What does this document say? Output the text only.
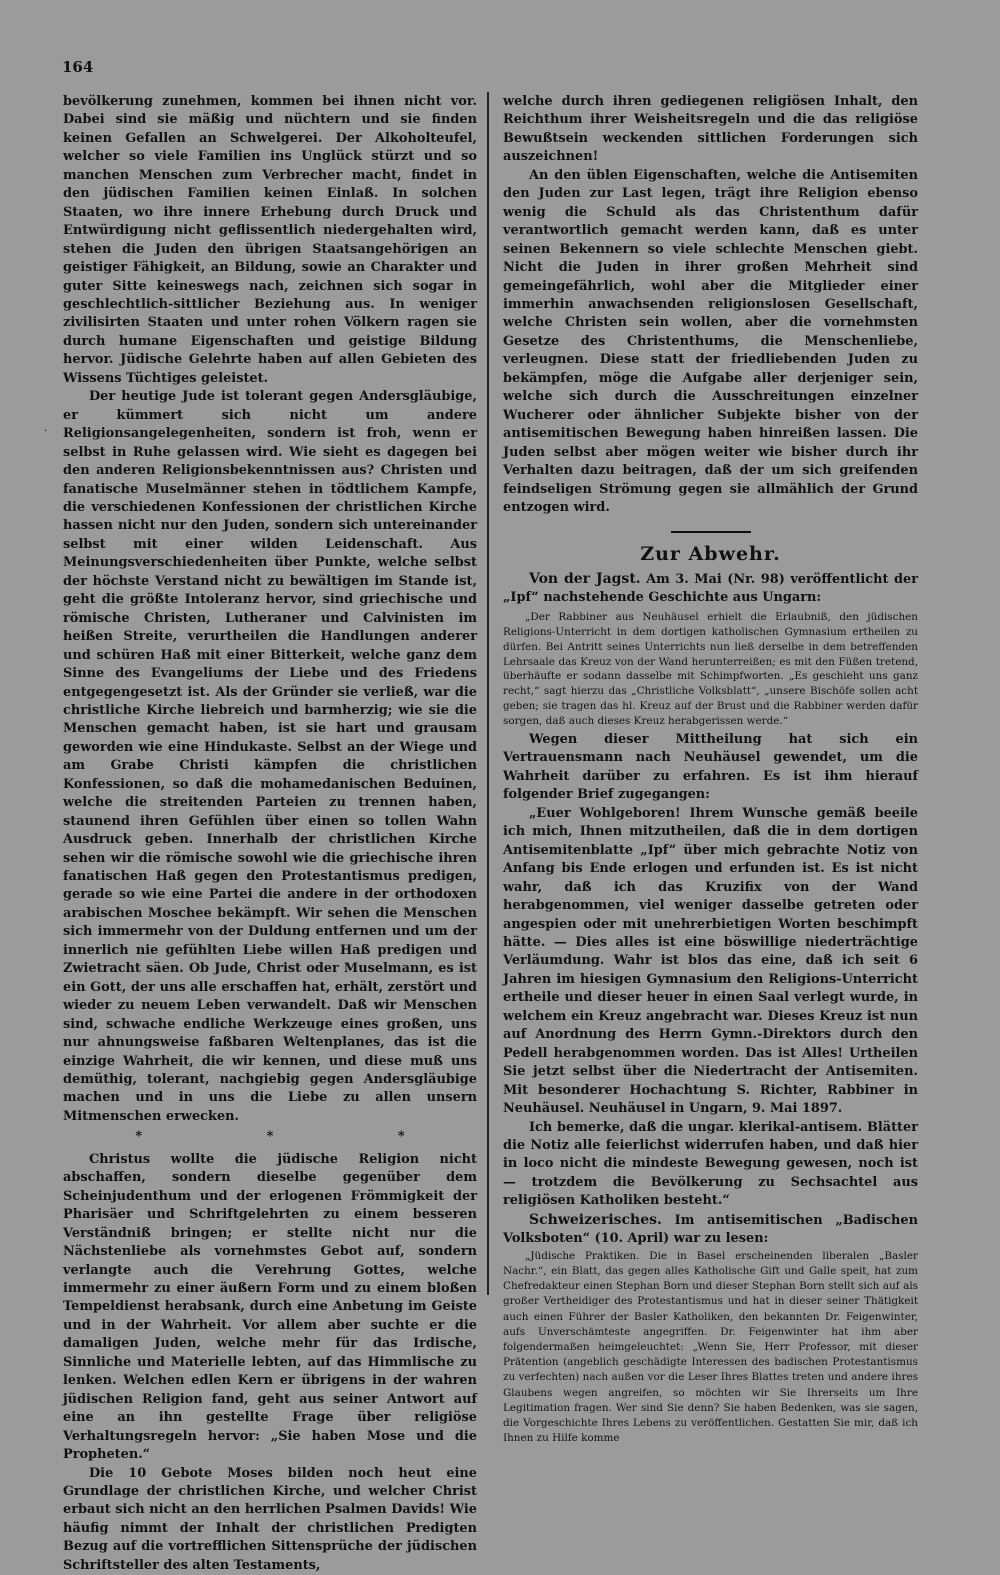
164
·

bevölkerung zunehmen, kommen bei ihnen nicht vor. Dabei sind sie mäßig und nüchtern und sie finden keinen Gefallen an Schwelgerei. Der Alkoholteufel, welcher so viele Familien ins Unglück stürzt und so manchen Menschen zum Verbrecher macht, findet in den jüdischen Familien keinen Einlaß. In solchen Staaten, wo ihre innere Erhebung durch Druck und Entwürdigung nicht geflissentlich niedergehalten wird, stehen die Juden den übrigen Staatsangehörigen an geistiger Fähigkeit, an Bildung, sowie an Charakter und guter Sitte keineswegs nach, zeichnen sich sogar in geschlechtlich-sittlicher Beziehung aus. In weniger zivilisirten Staaten und unter rohen Völkern ragen sie durch humane Eigenschaften und geistige Bildung hervor. Jüdische Gelehrte haben auf allen Gebieten des Wissens Tüchtiges geleistet.

Der heutige Jude ist tolerant gegen Andersgläubige, er kümmert sich nicht um andere Religionsangelegenheiten, sondern ist froh, wenn er selbst in Ruhe gelassen wird. Wie sieht es dagegen bei den anderen Religionsbekenntnissen aus? Christen und fanatische Muselmänner stehen in tödtlichem Kampfe, die verschiedenen Konfessionen der christlichen Kirche hassen nicht nur den Juden, sondern sich untereinander selbst mit einer wilden Leidenschaft. Aus Meinungsverschiedenheiten über Punkte, welche selbst der höchste Verstand nicht zu bewältigen im Stande ist, geht die größte Intoleranz hervor, sind griechische und römische Christen, Lutheraner und Calvinisten im heißen Streite, verurtheilen die Handlungen anderer und schüren Haß mit einer Bitterkeit, welche ganz dem Sinne des Evangeliums der Liebe und des Friedens entgegengesetzt ist. Als der Gründer sie verließ, war die christliche Kirche liebreich und barmherzig; wie sie die Menschen gemacht haben, ist sie hart und grausam geworden wie eine Hindukaste. Selbst an der Wiege und am Grabe Christi kämpfen die christlichen Konfessionen, so daß die mohamedanischen Beduinen, welche die streitenden Parteien zu trennen haben, staunend ihren Gefühlen über einen so tollen Wahn Ausdruck geben. Innerhalb der christlichen Kirche sehen wir die römische sowohl wie die griechische ihren fanatischen Haß gegen den Protestantismus predigen, gerade so wie eine Partei die andere in der orthodoxen arabischen Moschee bekämpft. Wir sehen die Menschen sich immermehr von der Duldung entfernen und um der innerlich nie gefühlten Liebe willen Haß predigen und Zwietracht säen. Ob Jude, Christ oder Muselmann, es ist ein Gott, der uns alle erschaffen hat, erhält, zerstört und wieder zu neuem Leben verwandelt. Daß wir Menschen sind, schwache endliche Werkzeuge eines großen, uns nur ahnungsweise faßbaren Weltenplanes, das ist die einzige Wahrheit, die wir kennen, und diese muß uns demüthig, tolerant, nachgiebig gegen Andersgläubige machen und in uns die Liebe zu allen unsern Mitmenschen erwecken.

* * *

Christus wollte die jüdische Religion nicht abschaffen, sondern dieselbe gegenüber dem Scheinjudenthum und der erlogenen Frömmigkeit der Pharisäer und Schriftgelehrten zu einem besseren Verständniß bringen; er stellte nicht nur die Nächstenliebe als vornehmstes Gebot auf, sondern verlangte auch die Verehrung Gottes, welche immermehr zu einer äußern Form und zu einem bloßen Tempeldienst herabsank, durch eine Anbetung im Geiste und in der Wahrheit. Vor allem aber suchte er die damaligen Juden, welche mehr für das Irdische, Sinnliche und Materielle lebten, auf das Himmlische zu lenken. Welchen edlen Kern er übrigens in der wahren jüdischen Religion fand, geht aus seiner Antwort auf eine an ihn gestellte Frage über religiöse Verhaltungsregeln hervor: „Sie haben Mose und die Propheten.“

Die 10 Gebote Moses bilden noch heut eine Grundlage der christlichen Kirche, und welcher Christ erbaut sich nicht an den herrlichen Psalmen Davids! Wie häufig nimmt der Inhalt der christlichen Predigten Bezug auf die vortrefflichen Sittensprüche der jüdischen Schriftsteller des alten Testaments,

welche durch ihren gediegenen religiösen Inhalt, den Reichthum ihrer Weisheitsregeln und die das religiöse Bewußtsein weckenden sittlichen Forderungen sich auszeichnen!

An den üblen Eigenschaften, welche die Antisemiten den Juden zur Last legen, trägt ihre Religion ebenso wenig die Schuld als das Christenthum dafür verantwortlich gemacht werden kann, daß es unter seinen Bekennern so viele schlechte Menschen giebt. Nicht die Juden in ihrer großen Mehrheit sind gemeingefährlich, wohl aber die Mitglieder einer immerhin anwachsenden religionslosen Gesellschaft, welche Christen sein wollen, aber die vornehmsten Gesetze des Christenthums, die Menschenliebe, verleugnen. Diese statt der friedliebenden Juden zu bekämpfen, möge die Aufgabe aller derjeniger sein, welche sich durch die Ausschreitungen einzelner Wucherer oder ähnlicher Subjekte bisher von der antisemitischen Bewegung haben hinreißen lassen. Die Juden selbst aber mögen weiter wie bisher durch ihr Verhalten dazu beitragen, daß der um sich greifenden feindseligen Strömung gegen sie allmählich der Grund entzogen wird.

Zur Abwehr.

Von der Jagst. Am 3. Mai (Nr. 98) veröffentlicht der „Ipf“ nachstehende Geschichte aus Ungarn:

„Der Rabbiner aus Neuhäusel erhielt die Erlaubniß, den jüdischen Religions-Unterricht in dem dortigen katholischen Gymnasium ertheilen zu dürfen. Bei Antritt seines Unterrichts nun ließ derselbe in dem betreffenden Lehrsaale das Kreuz von der Wand herunterreißen; es mit den Füßen tretend, überhäufte er sodann dasselbe mit Schimpfworten. „Es geschieht uns ganz recht,“ sagt hierzu das „Christliche Volksblatt“, „unsere Bischöfe sollen acht geben; sie tragen das hl. Kreuz auf der Brust und die Rabbiner werden dafür sorgen, daß auch dieses Kreuz herabgerissen werde.“

Wegen dieser Mittheilung hat sich ein Vertrauensmann nach Neuhäusel gewendet, um die Wahrheit darüber zu erfahren. Es ist ihm hierauf folgender Brief zugegangen:

„Euer Wohlgeboren! Ihrem Wunsche gemäß beeile ich mich, Ihnen mitzutheilen, daß die in dem dortigen Antisemitenblatte „Ipf“ über mich gebrachte Notiz von Anfang bis Ende erlogen und erfunden ist. Es ist nicht wahr, daß ich das Kruzifix von der Wand herabgenommen, viel weniger dasselbe getreten oder angespien oder mit unehrerbietigen Worten beschimpft hätte. — Dies alles ist eine böswillige niederträchtige Verläumdung. Wahr ist blos das eine, daß ich seit 6 Jahren im hiesigen Gymnasium den Religions-Unterricht ertheile und dieser heuer in einen Saal verlegt wurde, in welchem ein Kreuz angebracht war. Dieses Kreuz ist nun auf Anordnung des Herrn Gymn.-Direktors durch den Pedell herabgenommen worden. Das ist Alles! Urtheilen Sie jetzt selbst über die Niedertracht der Antisemiten. Mit besonderer Hochachtung S. Richter, Rabbiner in Neuhäusel. Neuhäusel in Ungarn, 9. Mai 1897.

Ich bemerke, daß die ungar. klerikal-antisem. Blätter die Notiz alle feierlichst widerrufen haben, und daß hier in loco nicht die mindeste Bewegung gewesen, noch ist — trotzdem die Bevölkerung zu Sechsachtel aus religiösen Katholiken besteht.“

Schweizerisches. Im antisemitischen „Badischen Volksboten“ (10. April) war zu lesen:

„Jüdische Praktiken. Die in Basel erscheinenden liberalen „Basler Nachr.“, ein Blatt, das gegen alles Katholische Gift und Galle speit, hat zum Chefredakteur einen Stephan Born und dieser Stephan Born stellt sich auf als großer Vertheidiger des Protestantismus und hat in dieser seiner Thätigkeit auch einen Führer der Basler Katholiken, den bekannten Dr. Feigenwinter, aufs Unverschämteste angegriffen. Dr. Feigenwinter hat ihm aber folgendermaßen heimgeleuchtet: „Wenn Sie, Herr Professor, mit dieser Prätention (angeblich geschädigte Interessen des badischen Protestantismus zu verfechten) nach außen vor die Leser Ihres Blattes treten und andere ihres Glaubens wegen angreifen, so möchten wir Sie Ihrerseits um Ihre Legitimation fragen. Wer sind Sie denn? Sie haben Bedenken, was sie sagen, die Vorgeschichte Ihres Lebens zu veröffentlichen. Gestatten Sie mir, daß ich Ihnen zu Hilfe komme
